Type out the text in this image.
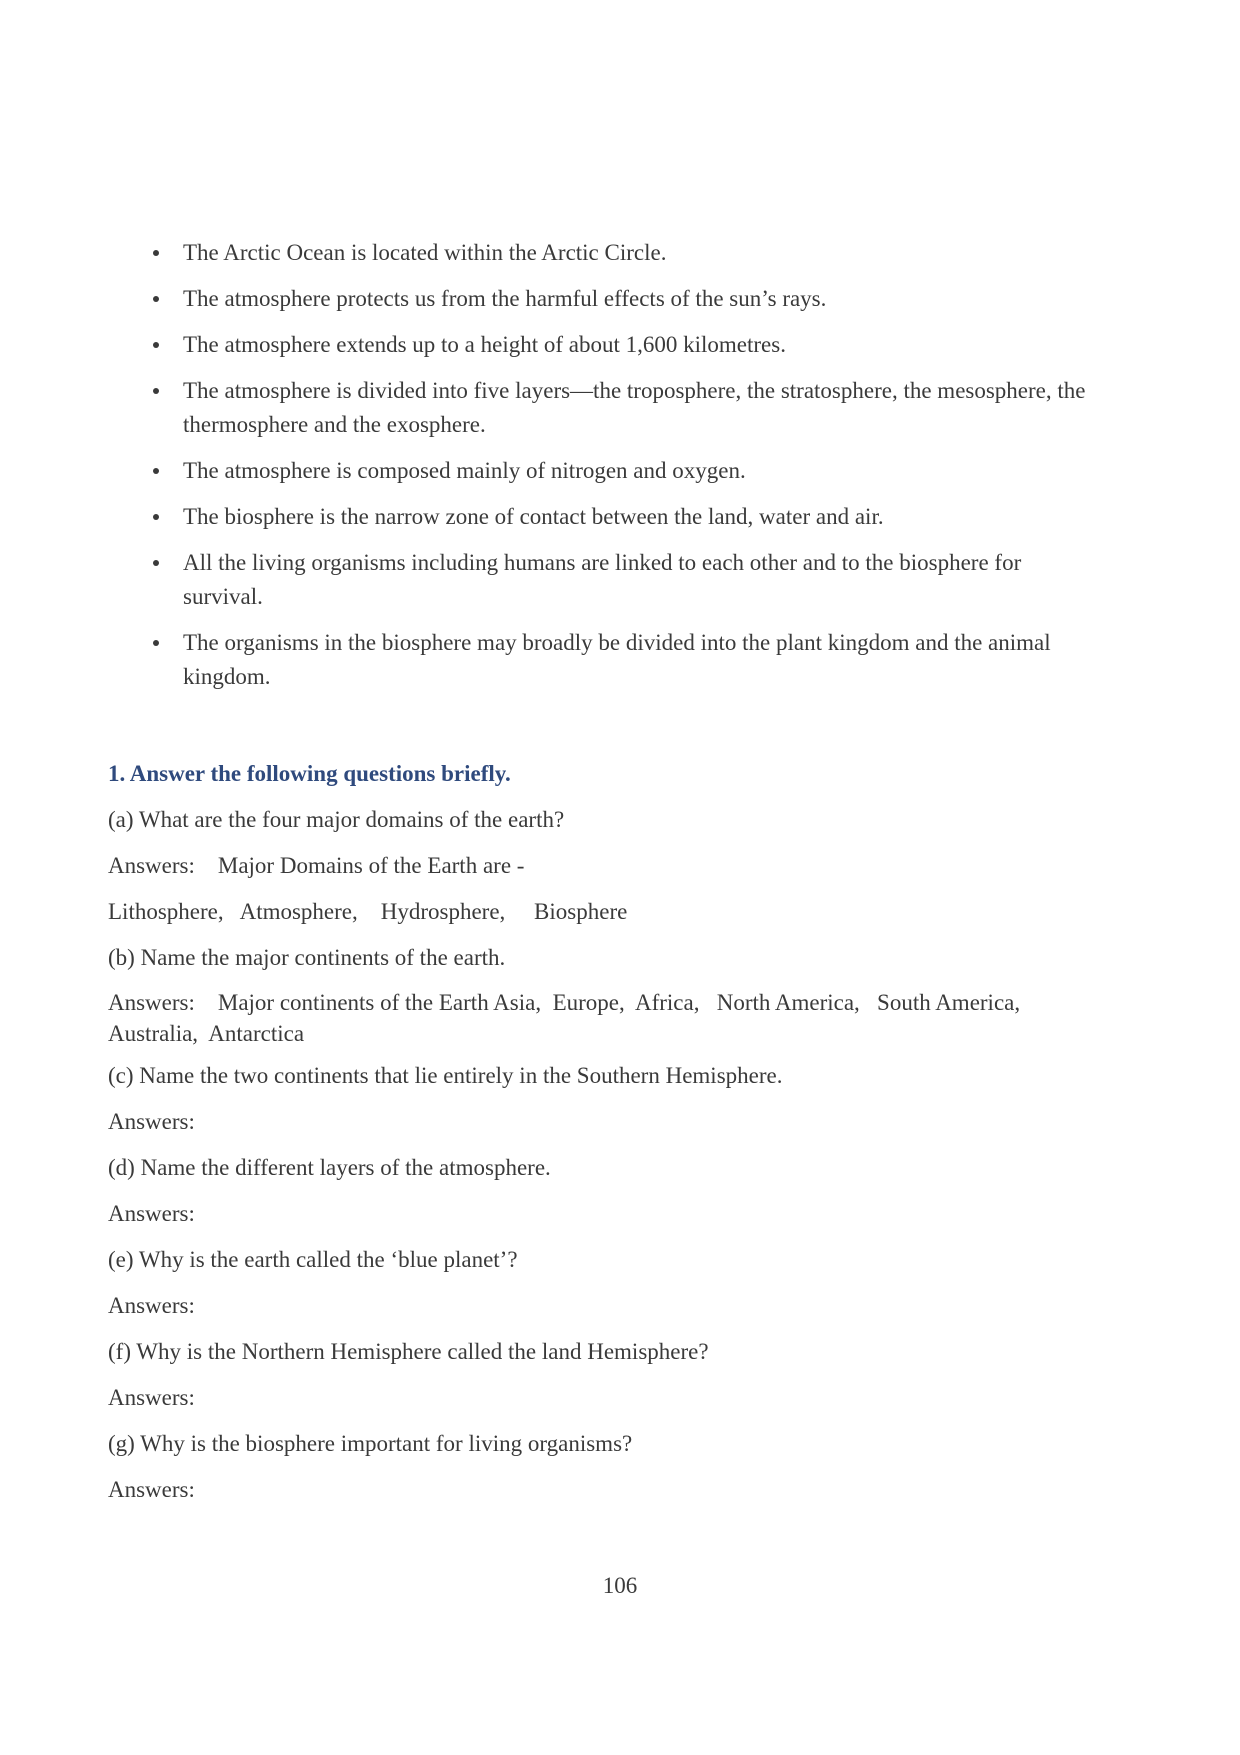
The Arctic Ocean is located within the Arctic Circle.
The atmosphere protects us from the harmful effects of the sun’s rays.
The atmosphere extends up to a height of about 1,600 kilometres.
The atmosphere is divided into five layers—the troposphere, the stratosphere, the mesosphere, the thermosphere and the exosphere.
The atmosphere is composed mainly of nitrogen and oxygen.
The biosphere is the narrow zone of contact between the land, water and air.
All the living organisms including humans are linked to each other and to the biosphere for survival.
The organisms in the biosphere may broadly be divided into the plant kingdom and the animal kingdom.

1. Answer the following questions briefly.

(a) What are the four major domains of the earth?

Answers:    Major Domains of the Earth are -

Lithosphere,   Atmosphere,    Hydrosphere,     Biosphere

(b) Name the major continents of the earth.

Answers:    Major continents of the Earth Asia,  Europe,  Africa,   North America,   South America,  Australia,  Antarctica

(c) Name the two continents that lie entirely in the Southern Hemisphere.

Answers:

(d) Name the different layers of the atmosphere.

Answers:

(e) Why is the earth called the ‘blue planet’?

Answers:

(f) Why is the Northern Hemisphere called the land Hemisphere?

Answers:

(g) Why is the biosphere important for living organisms?

Answers:

106
